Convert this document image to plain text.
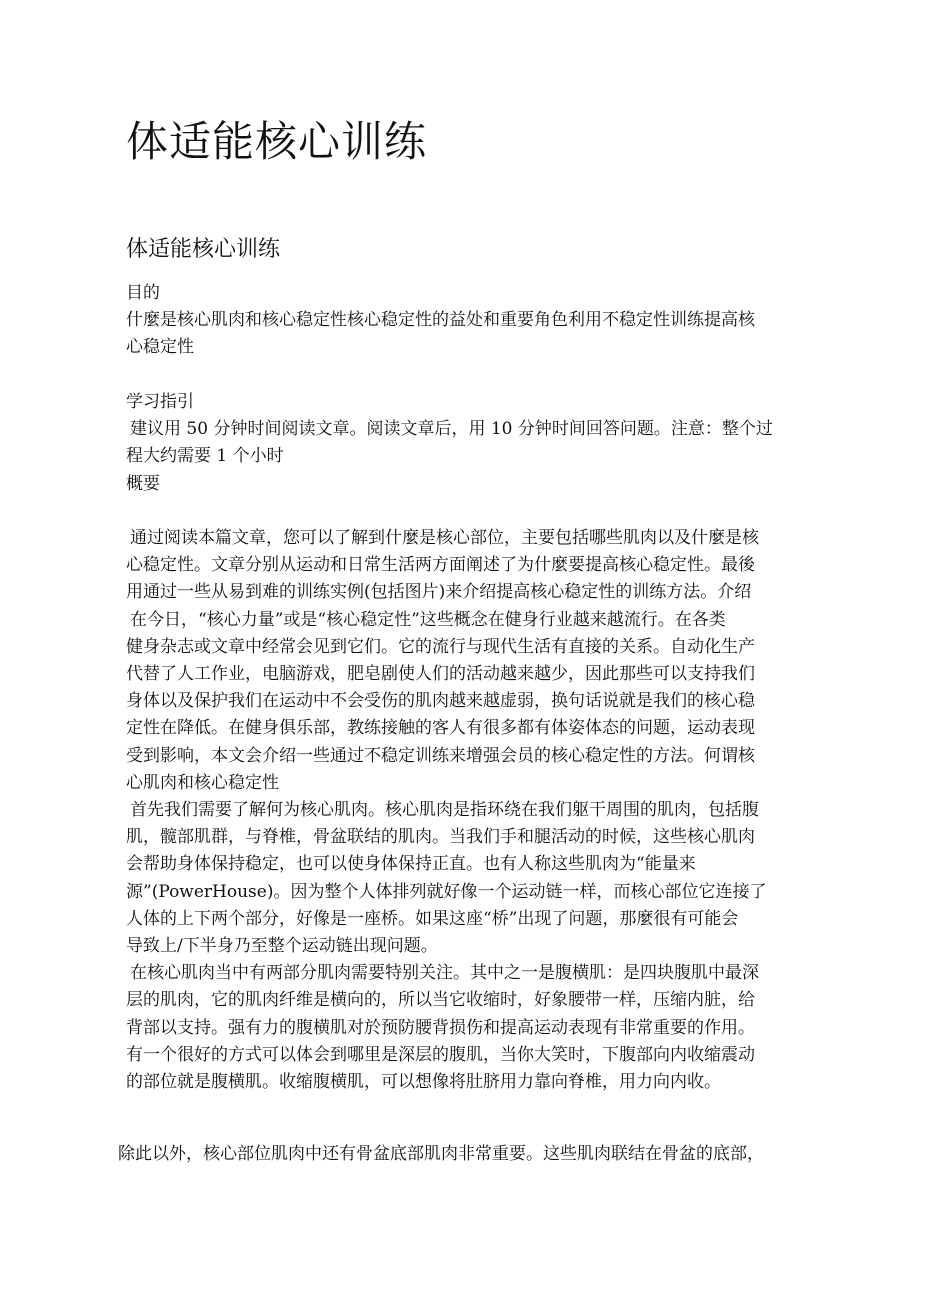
体适能核心训练
体适能核心训练
目的
什麼是核心肌肉和核心稳定性核心稳定性的益处和重要角色利用不稳定性训练提高核
心稳定性
学习指引
建议用 50 分钟时间阅读文章。阅读文章后，用 10 分钟时间回答问题。注意：整个过
程大约需要 1 个小时
概要
通过阅读本篇文章，您可以了解到什麼是核心部位，主要包括哪些肌肉以及什麼是核
心稳定性。文章分别从运动和日常生活两方面阐述了为什麼要提高核心稳定性。最後
用通过一些从易到难的训练实例(包括图片)来介绍提高核心稳定性的训练方法。介绍
在今日，“核心力量”或是“核心稳定性”这些概念在健身行业越来越流行。在各类
健身杂志或文章中经常会见到它们。它的流行与现代生活有直接的关系。自动化生产
代替了人工作业，电脑游戏，肥皂剧使人们的活动越来越少，因此那些可以支持我们
身体以及保护我们在运动中不会受伤的肌肉越来越虚弱，换句话说就是我们的核心稳
定性在降低。在健身俱乐部，教练接触的客人有很多都有体姿体态的问题，运动表现
受到影响，本文会介绍一些通过不稳定训练来增强会员的核心稳定性的方法。何谓核
心肌肉和核心稳定性
首先我们需要了解何为核心肌肉。核心肌肉是指环绕在我们躯干周围的肌肉，包括腹
肌，髋部肌群，与脊椎，骨盆联结的肌肉。当我们手和腿活动的时候，这些核心肌肉
会帮助身体保持稳定，也可以使身体保持正直。也有人称这些肌肉为“能量来
源”(PowerHouse)。因为整个人体排列就好像一个运动链一样，而核心部位它连接了
人体的上下两个部分，好像是一座桥。如果这座“桥”出现了问题，那麼很有可能会
导致上/下半身乃至整个运动链出现问题。
在核心肌肉当中有两部分肌肉需要特别关注。其中之一是腹横肌：是四块腹肌中最深
层的肌肉，它的肌肉纤维是横向的，所以当它收缩时，好象腰带一样，压缩内脏，给
背部以支持。强有力的腹横肌对於预防腰背损伤和提高运动表现有非常重要的作用。
有一个很好的方式可以体会到哪里是深层的腹肌，当你大笑时，下腹部向内收缩震动
的部位就是腹横肌。收缩腹横肌，可以想像将肚脐用力靠向脊椎，用力向内收。
除此以外，核心部位肌肉中还有骨盆底部肌肉非常重要。这些肌肉联结在骨盆的底部，
